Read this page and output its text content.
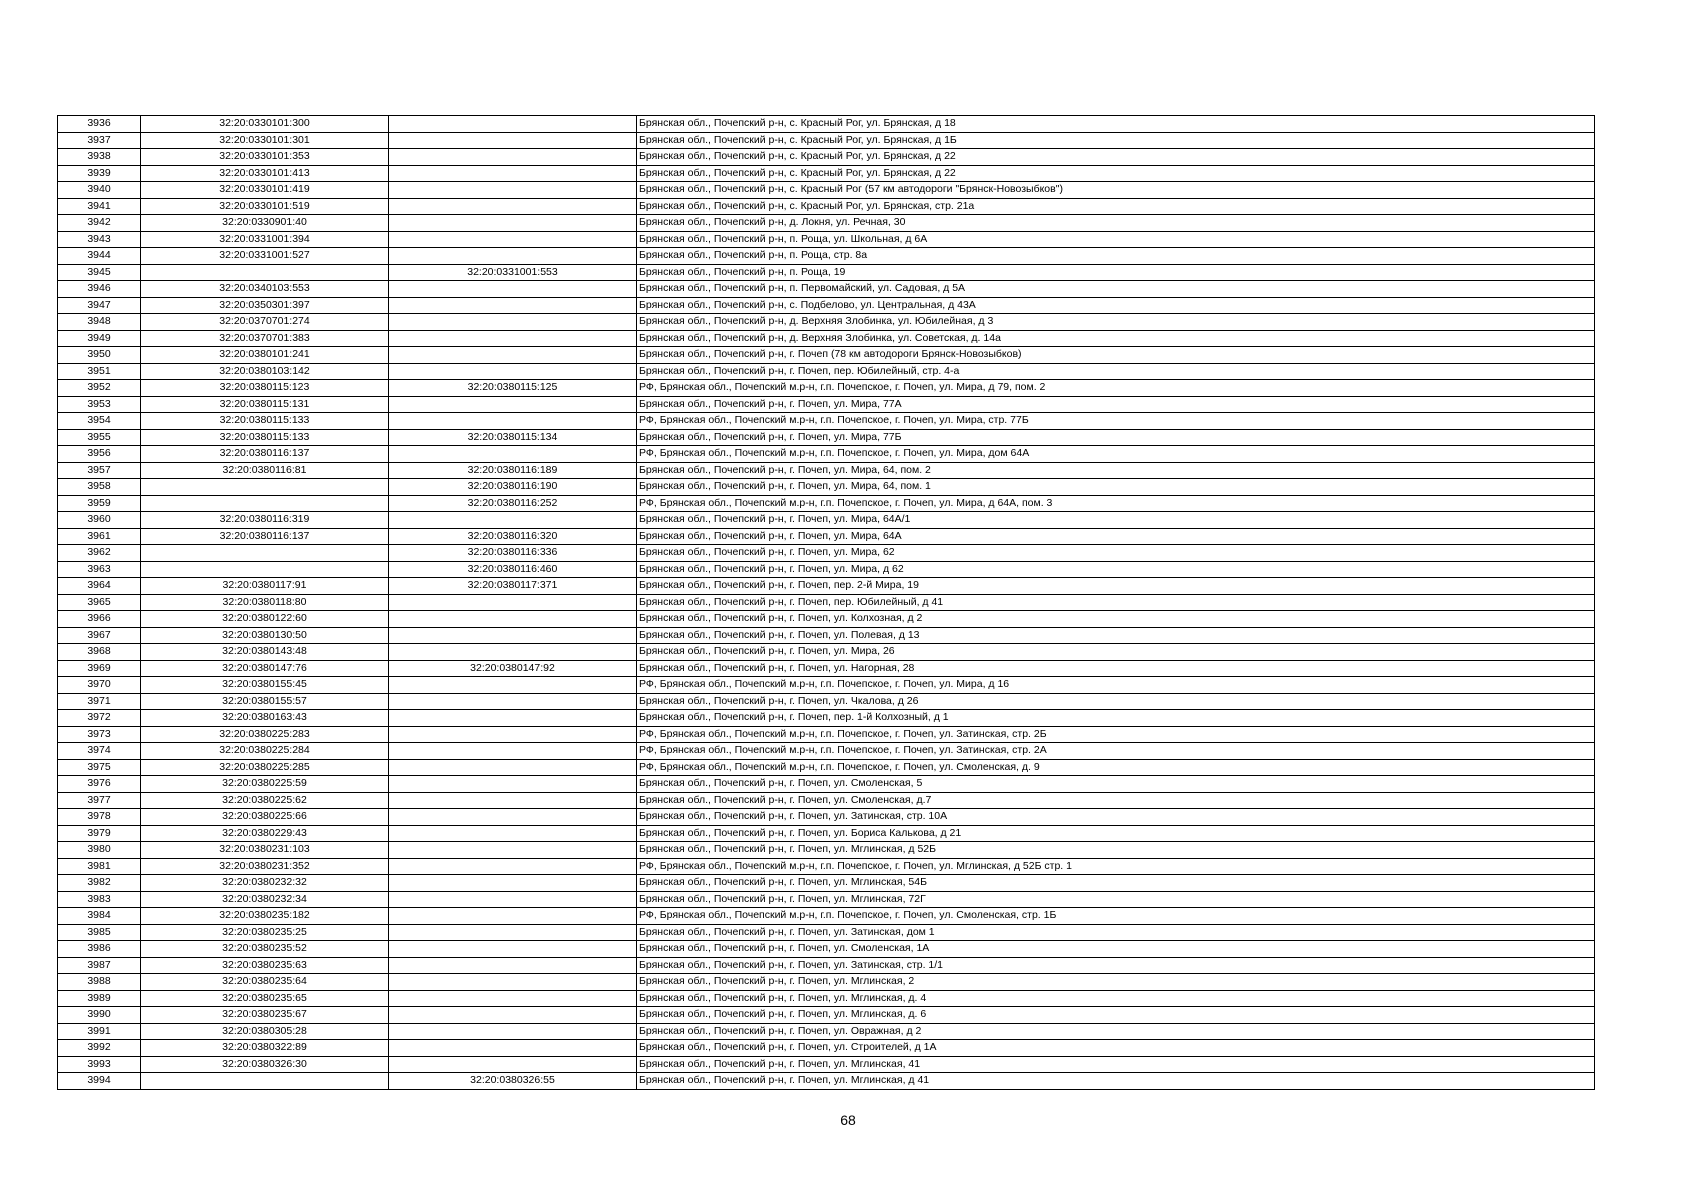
3936	32:20:0330101:300		Брянская обл., Почепский р-н, с. Красный Рог, ул. Брянская, д 18
3937	32:20:0330101:301		Брянская обл., Почепский р-н, с. Красный Рог, ул. Брянская, д 1Б
3938	32:20:0330101:353		Брянская обл., Почепский р-н, с. Красный Рог, ул. Брянская, д 22
3939	32:20:0330101:413		Брянская обл., Почепский р-н, с. Красный Рог, ул. Брянская, д 22
3940	32:20:0330101:419		Брянская обл., Почепский р-н, с. Красный Рог (57 км автодороги "Брянск-Новозыбков")
3941	32:20:0330101:519		Брянская обл., Почепский р-н, с. Красный Рог, ул. Брянская, стр. 21а
3942	32:20:0330901:40		Брянская обл., Почепский р-н, д. Локня, ул. Речная, 30
3943	32:20:0331001:394		Брянская обл., Почепский р-н, п. Роща, ул. Школьная, д 6А
3944	32:20:0331001:527		Брянская обл., Почепский р-н, п. Роща, стр. 8а
3945		32:20:0331001:553	Брянская обл., Почепский р-н, п. Роща, 19
3946	32:20:0340103:553		Брянская обл., Почепский р-н, п. Первомайский, ул. Садовая, д 5А
3947	32:20:0350301:397		Брянская обл., Почепский р-н, с. Подбелово, ул. Центральная, д 43А
3948	32:20:0370701:274		Брянская обл., Почепский р-н, д. Верхняя Злобинка, ул. Юбилейная, д 3
3949	32:20:0370701:383		Брянская обл., Почепский р-н, д. Верхняя Злобинка, ул. Советская, д. 14а
3950	32:20:0380101:241		Брянская обл., Почепский р-н, г. Почеп (78 км автодороги Брянск-Новозыбков)
3951	32:20:0380103:142		Брянская обл., Почепский р-н, г. Почеп, пер. Юбилейный, стр. 4-а
3952	32:20:0380115:123	32:20:0380115:125	РФ, Брянская обл., Почепский м.р-н, г.п. Почепское, г. Почеп, ул. Мира, д 79, пом. 2
3953	32:20:0380115:131		Брянская обл., Почепский р-н, г. Почеп, ул. Мира, 77А
3954	32:20:0380115:133		РФ, Брянская обл., Почепский м.р-н, г.п. Почепское, г. Почеп, ул. Мира, стр. 77Б
3955	32:20:0380115:133	32:20:0380115:134	Брянская обл., Почепский р-н, г. Почеп, ул. Мира, 77Б
3956	32:20:0380116:137		РФ, Брянская обл., Почепский м.р-н, г.п. Почепское, г. Почеп, ул. Мира, дом 64А
3957	32:20:0380116:81	32:20:0380116:189	Брянская обл., Почепский р-н, г. Почеп, ул. Мира, 64, пом. 2
3958		32:20:0380116:190	Брянская обл., Почепский р-н, г. Почеп, ул. Мира, 64, пом. 1
3959		32:20:0380116:252	РФ, Брянская обл., Почепский м.р-н, г.п. Почепское, г. Почеп, ул. Мира, д 64А, пом. 3
3960	32:20:0380116:319		Брянская обл., Почепский р-н, г. Почеп, ул. Мира, 64А/1
3961	32:20:0380116:137	32:20:0380116:320	Брянская обл., Почепский р-н, г. Почеп, ул. Мира, 64А
3962		32:20:0380116:336	Брянская обл., Почепский р-н, г. Почеп, ул. Мира, 62
3963		32:20:0380116:460	Брянская обл., Почепский р-н, г. Почеп, ул. Мира, д 62
3964	32:20:0380117:91	32:20:0380117:371	Брянская обл., Почепский р-н, г. Почеп, пер. 2-й Мира, 19
3965	32:20:0380118:80		Брянская обл., Почепский р-н, г. Почеп, пер. Юбилейный, д 41
3966	32:20:0380122:60		Брянская обл., Почепский р-н, г. Почеп, ул. Колхозная, д 2
3967	32:20:0380130:50		Брянская обл., Почепский р-н, г. Почеп, ул. Полевая, д 13
3968	32:20:0380143:48		Брянская обл., Почепский р-н, г. Почеп, ул. Мира, 26
3969	32:20:0380147:76	32:20:0380147:92	Брянская обл., Почепский р-н, г. Почеп, ул. Нагорная, 28
3970	32:20:0380155:45		РФ, Брянская обл., Почепский м.р-н, г.п. Почепское, г. Почеп, ул. Мира, д 16
3971	32:20:0380155:57		Брянская обл., Почепский р-н, г. Почеп, ул. Чкалова, д 26
3972	32:20:0380163:43		Брянская обл., Почепский р-н, г. Почеп, пер. 1-й Колхозный, д 1
3973	32:20:0380225:283		РФ, Брянская обл., Почепский м.р-н, г.п. Почепское, г. Почеп, ул. Затинская, стр. 2Б
3974	32:20:0380225:284		РФ, Брянская обл., Почепский м.р-н, г.п. Почепское, г. Почеп, ул. Затинская, стр. 2А
3975	32:20:0380225:285		РФ, Брянская обл., Почепский м.р-н, г.п. Почепское, г. Почеп, ул. Смоленская, д. 9
3976	32:20:0380225:59		Брянская обл., Почепский р-н, г. Почеп, ул. Смоленская, 5
3977	32:20:0380225:62		Брянская обл., Почепский р-н, г. Почеп, ул. Смоленская, д.7
3978	32:20:0380225:66		Брянская обл., Почепский р-н, г. Почеп, ул. Затинская, стр. 10А
3979	32:20:0380229:43		Брянская обл., Почепский р-н, г. Почеп, ул. Бориса Калькова, д 21
3980	32:20:0380231:103		Брянская обл., Почепский р-н, г. Почеп, ул. Мглинская, д 52Б
3981	32:20:0380231:352		РФ, Брянская обл., Почепский м.р-н, г.п. Почепское, г. Почеп, ул. Мглинская, д 52Б стр. 1
3982	32:20:0380232:32		Брянская обл., Почепский р-н, г. Почеп, ул. Мглинская, 54Б
3983	32:20:0380232:34		Брянская обл., Почепский р-н, г. Почеп, ул. Мглинская, 72Г
3984	32:20:0380235:182		РФ, Брянская обл., Почепский м.р-н, г.п. Почепское, г. Почеп, ул. Смоленская, стр. 1Б
3985	32:20:0380235:25		Брянская обл., Почепский р-н, г. Почеп, ул. Затинская, дом 1
3986	32:20:0380235:52		Брянская обл., Почепский р-н, г. Почеп, ул. Смоленская, 1А
3987	32:20:0380235:63		Брянская обл., Почепский р-н, г. Почеп, ул. Затинская, стр. 1/1
3988	32:20:0380235:64		Брянская обл., Почепский р-н, г. Почеп, ул. Мглинская, 2
3989	32:20:0380235:65		Брянская обл., Почепский р-н, г. Почеп, ул. Мглинская, д. 4
3990	32:20:0380235:67		Брянская обл., Почепский р-н, г. Почеп, ул. Мглинская, д. 6
3991	32:20:0380305:28		Брянская обл., Почепский р-н, г. Почеп, ул. Овражная, д 2
3992	32:20:0380322:89		Брянская обл., Почепский р-н, г. Почеп, ул. Строителей, д 1А
3993	32:20:0380326:30		Брянская обл., Почепский р-н, г. Почеп, ул. Мглинская, 41
3994		32:20:0380326:55	Брянская обл., Почепский р-н, г. Почеп, ул. Мглинская, д 41
68
